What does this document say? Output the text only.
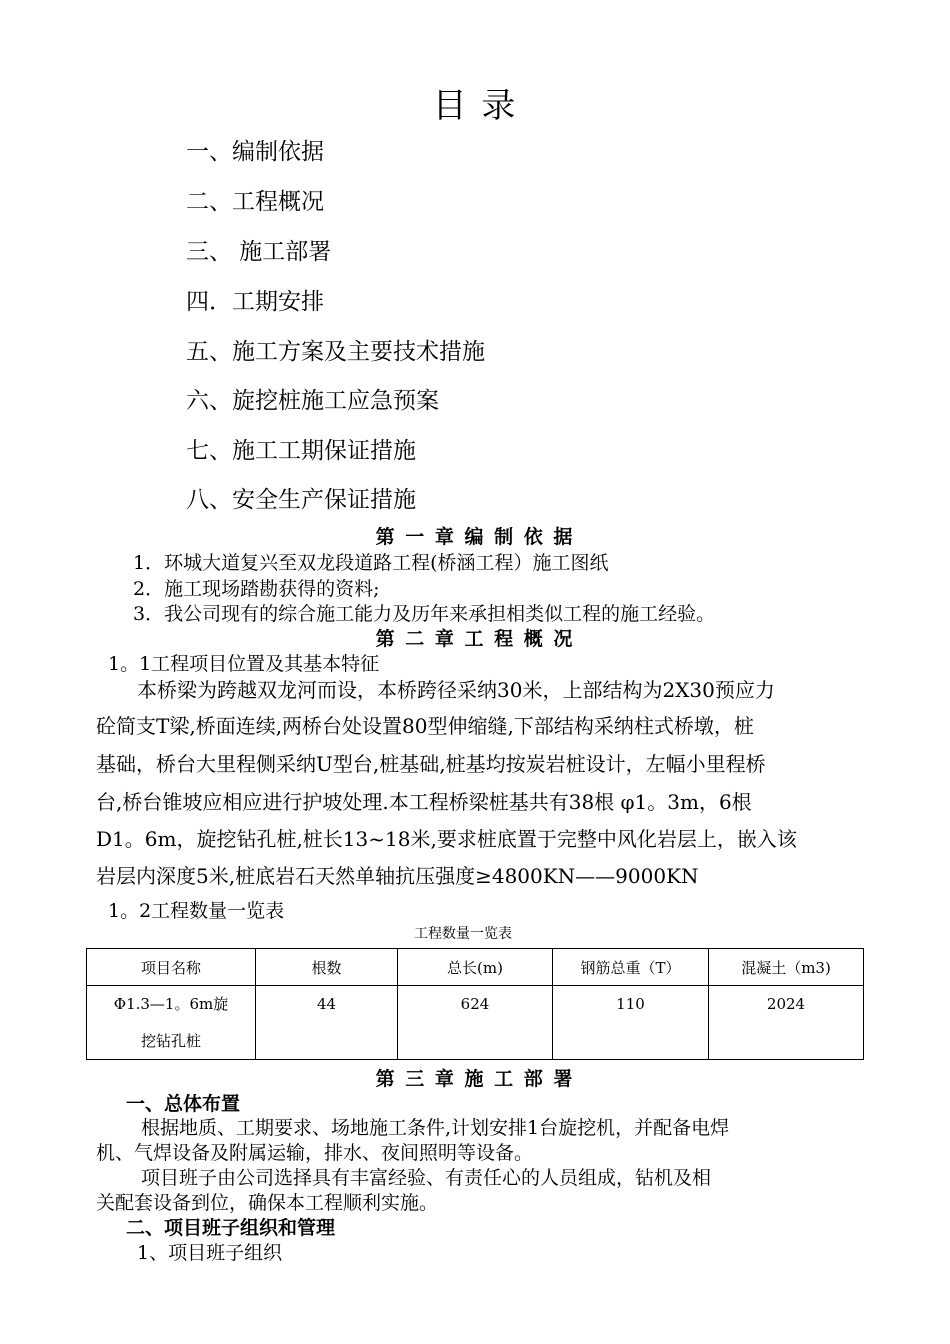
目 录
一、编制依据
二、工程概况
三、 施工部署
四．工期安排
五、施工方案及主要技术措施
六、旋挖桩施工应急预案
七、施工工期保证措施
八、安全生产保证措施
第 一 章 编 制 依 据
1．环城大道复兴至双龙段道路工程(桥涵工程）施工图纸
2．施工现场踏勘获得的资料;
3．我公司现有的综合施工能力及历年来承担相类似工程的施工经验。
第 二 章 工 程 概 况
1。1工程项目位置及其基本特征
本桥梁为跨越双龙河而设，本桥跨径采纳30米，上部结构为2X30预应力
砼简支T梁,桥面连续,两桥台处设置80型伸缩缝,下部结构采纳柱式桥墩，桩
基础，桥台大里程侧采纳U型台,桩基础,桩基均按炭岩桩设计，左幅小里程桥
台,桥台锥坡应相应进行护坡处理.本工程桥梁桩基共有38根 φ1。3m，6根
D1。6m，旋挖钻孔桩,桩长13~18米,要求桩底置于完整中风化岩层上，嵌入该
岩层内深度5米,桩底岩石天然单轴抗压强度≥4800KN——9000KN
1。2工程数量一览表
工程数量一览表
项目名称	根数	总长(m)	钢筋总重（T）	混凝土（m3)

Φ1.3—1。6m旋
挖钻孔桩	44	624	110	2024
第 三 章 施 工 部 署
一、总体布置
根据地质、工期要求、场地施工条件,计划安排1台旋挖机，并配备电焊
机、气焊设备及附属运输，排水、夜间照明等设备。
项目班子由公司选择具有丰富经验、有责任心的人员组成，钻机及相
关配套设备到位，确保本工程顺利实施。
二、项目班子组织和管理
1、项目班子组织
